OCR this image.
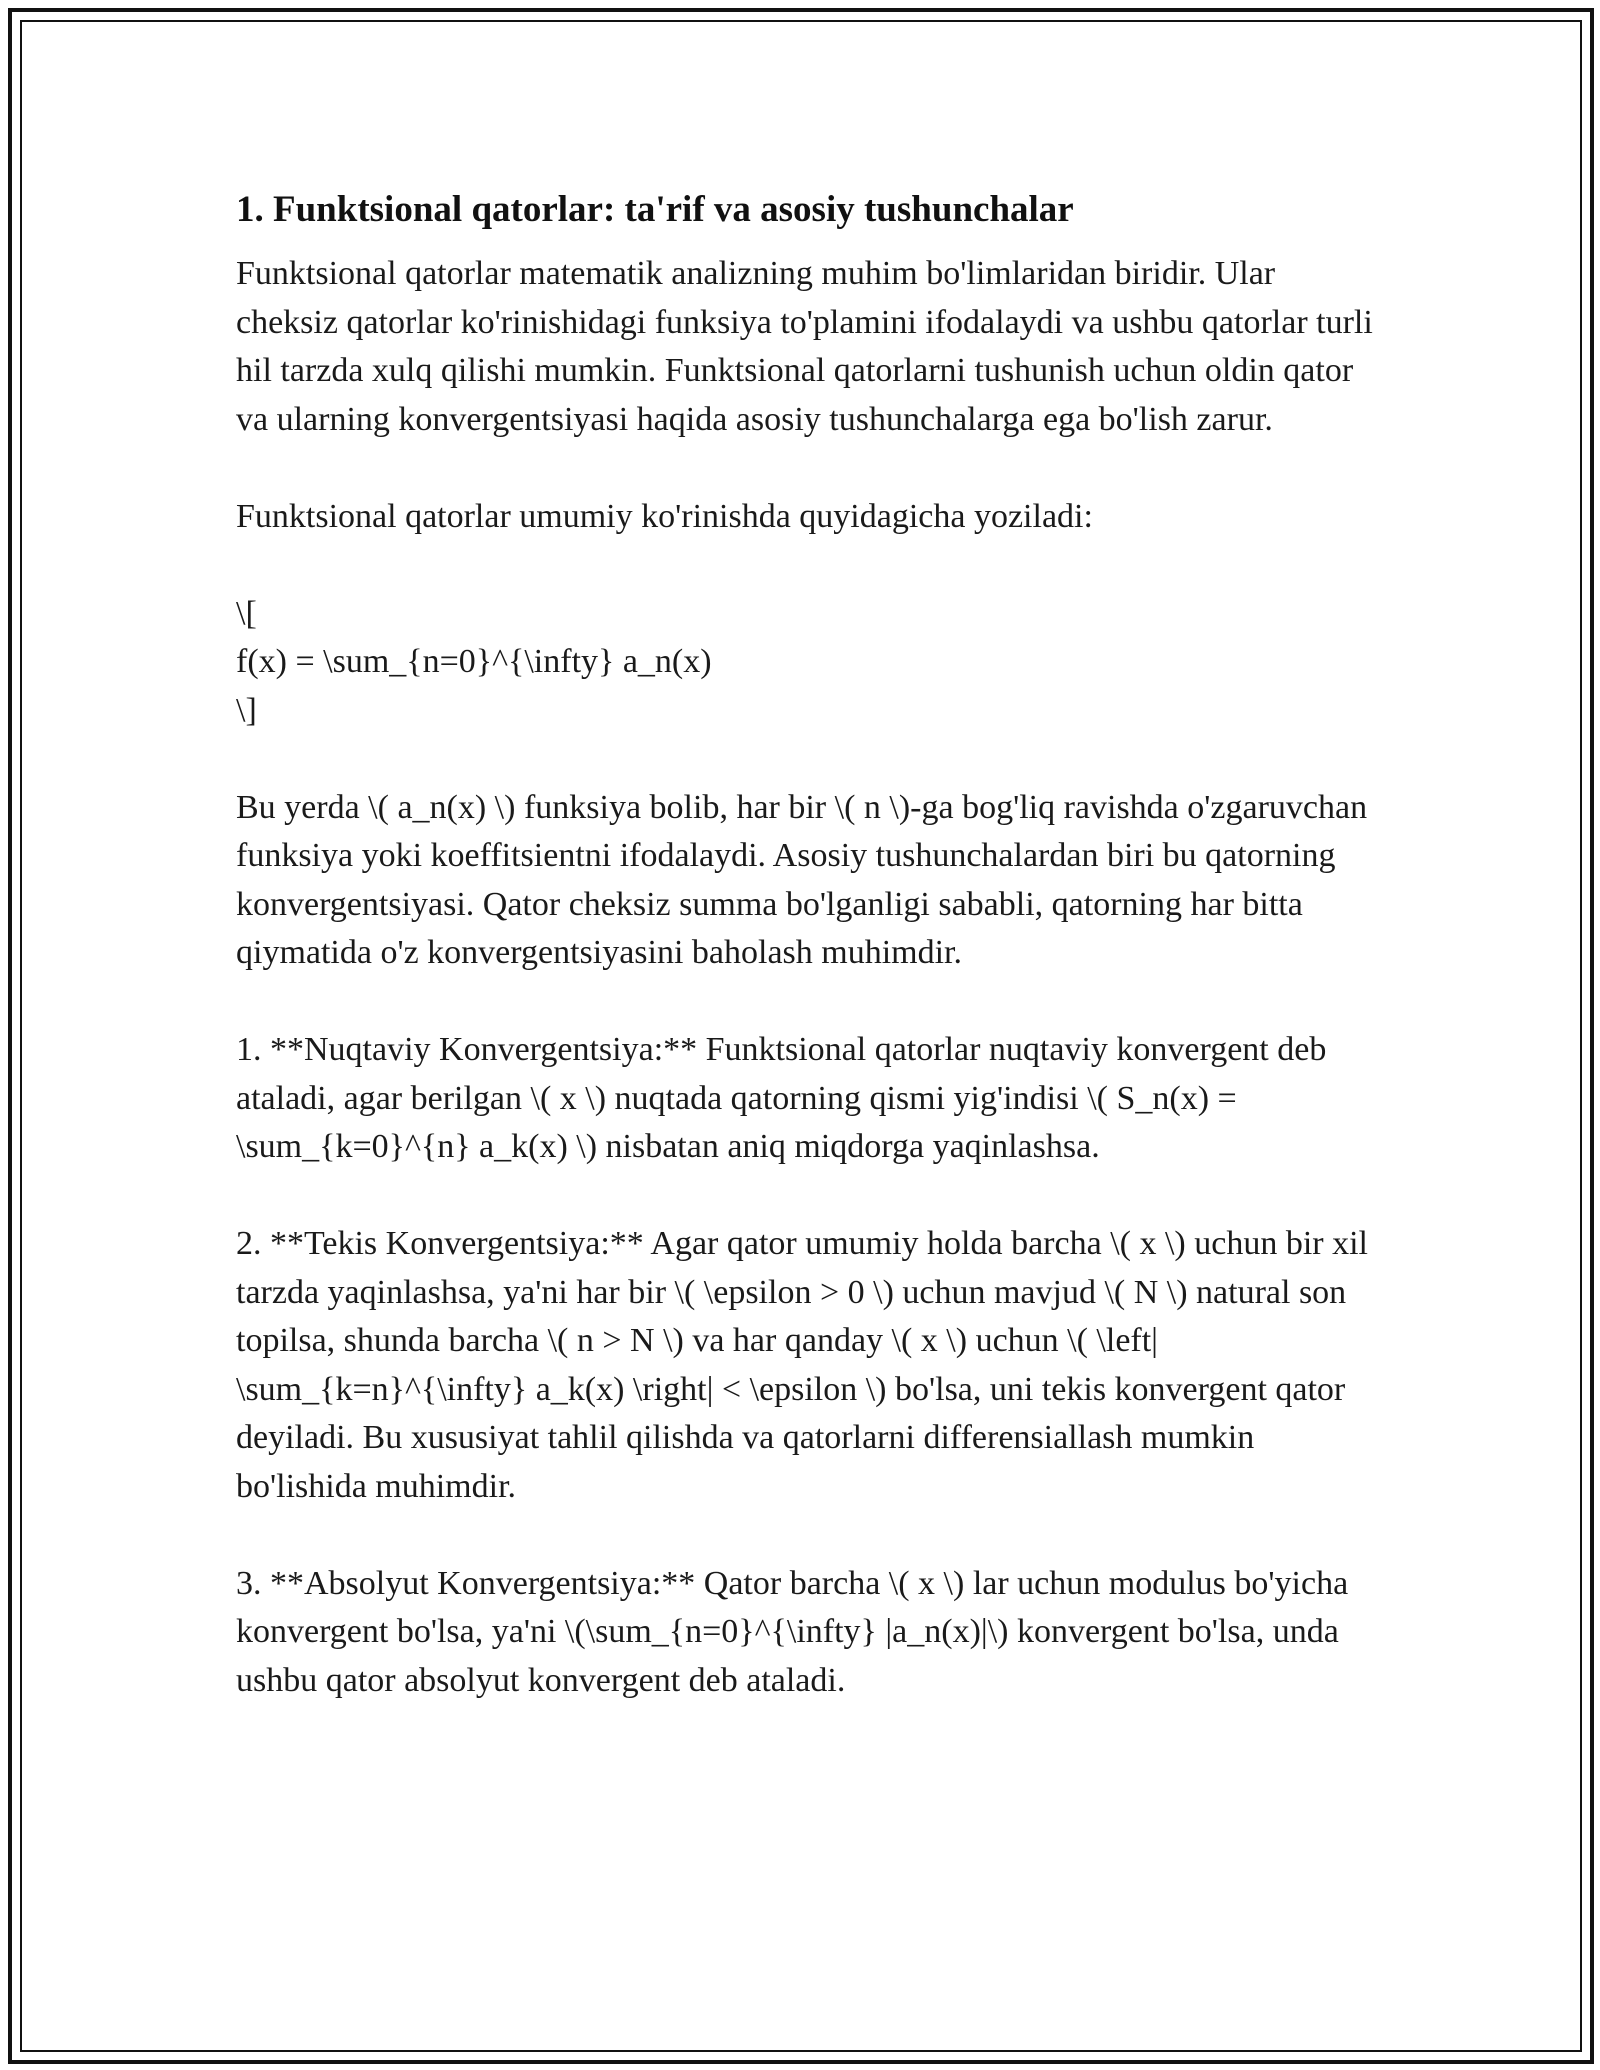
1. Funktsional qatorlar: ta'rif va asosiy tushunchalar

Funktsional qatorlar matematik analizning muhim bo'limlaridan biridir. Ular cheksiz qatorlar ko'rinishidagi funksiya to'plamini ifodalaydi va ushbu qatorlar turli hil tarzda xulq qilishi mumkin. Funktsional qatorlarni tushunish uchun oldin qator va ularning konvergentsiyasi haqida asosiy tushunchalarga ega bo'lish zarur.

Funktsional qatorlar umumiy ko'rinishda quyidagicha yoziladi:

\[
f(x) = \sum_{n=0}^{\infty} a_n(x)
\]

Bu yerda \( a_n(x) \) funksiya bolib, har bir \( n \)-ga bog'liq ravishda o'zgaruvchan funksiya yoki koeffitsientni ifodalaydi. Asosiy tushunchalardan biri bu qatorning konvergentsiyasi. Qator cheksiz summa bo'lganligi sababli, qatorning har bitta qiymatida o'z konvergentsiyasini baholash muhimdir.

1. **Nuqtaviy Konvergentsiya:** Funktsional qatorlar nuqtaviy konvergent deb ataladi, agar berilgan \( x \) nuqtada qatorning qismi yig'indisi \( S_n(x) = \sum_{k=0}^{n} a_k(x) \) nisbatan aniq miqdorga yaqinlashsa.

2. **Tekis Konvergentsiya:** Agar qator umumiy holda barcha \( x \) uchun bir xil tarzda yaqinlashsa, ya'ni har bir \( \epsilon > 0 \) uchun mavjud \( N \) natural son topilsa, shunda barcha \( n > N \) va har qanday \( x \) uchun \( \left| \sum_{k=n}^{\infty} a_k(x) \right| < \epsilon \) bo'lsa, uni tekis konvergent qator deyiladi. Bu xususiyat tahlil qilishda va qatorlarni differensiallash mumkin bo'lishida muhimdir.

3. **Absolyut Konvergentsiya:** Qator barcha \( x \) lar uchun modulus bo'yicha konvergent bo'lsa, ya'ni \(\sum_{n=0}^{\infty} |a_n(x)|\) konvergent bo'lsa, unda ushbu qator absolyut konvergent deb ataladi.
